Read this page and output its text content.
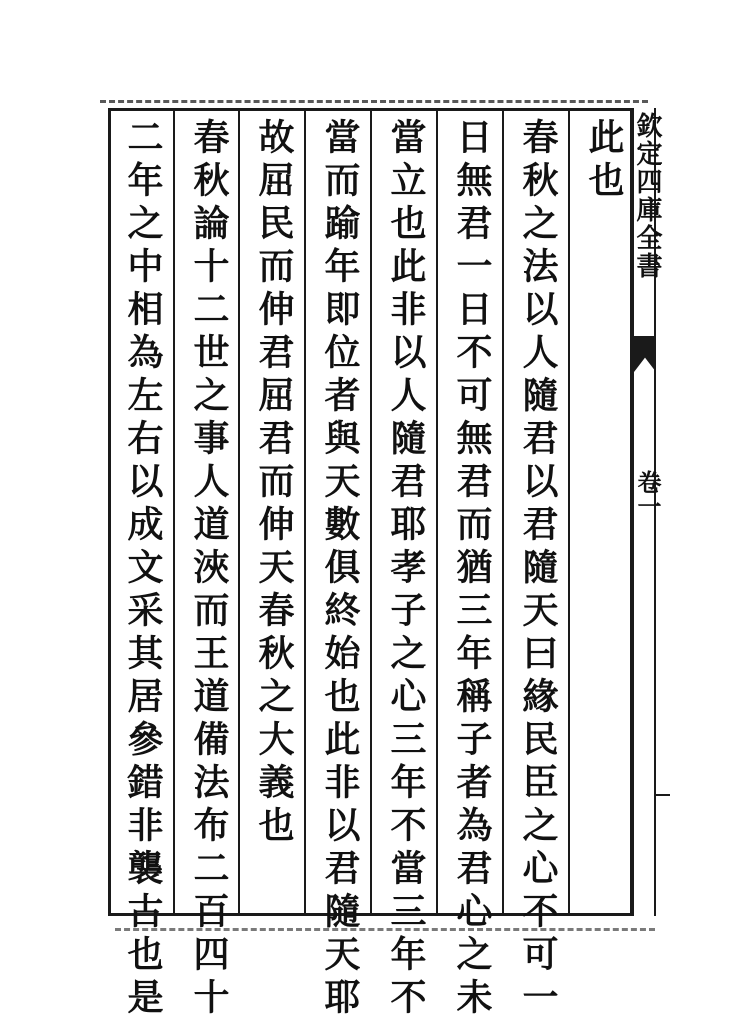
此也
春秋之法以人隨君以君隨天曰緣民臣之心不可一
日無君一日不可無君而猶三年稱子者為君心之未
當立也此非以人隨君耶孝子之心三年不當三年不
當而踰年即位者與天數俱終始也此非以君隨天耶
故屈民而伸君屈君而伸天春秋之大義也
春秋論十二世之事人道浹而王道備法布二百四十
二年之中相為左右以成文采其居參錯非襲古也是	欽定四庫全書
卷一
